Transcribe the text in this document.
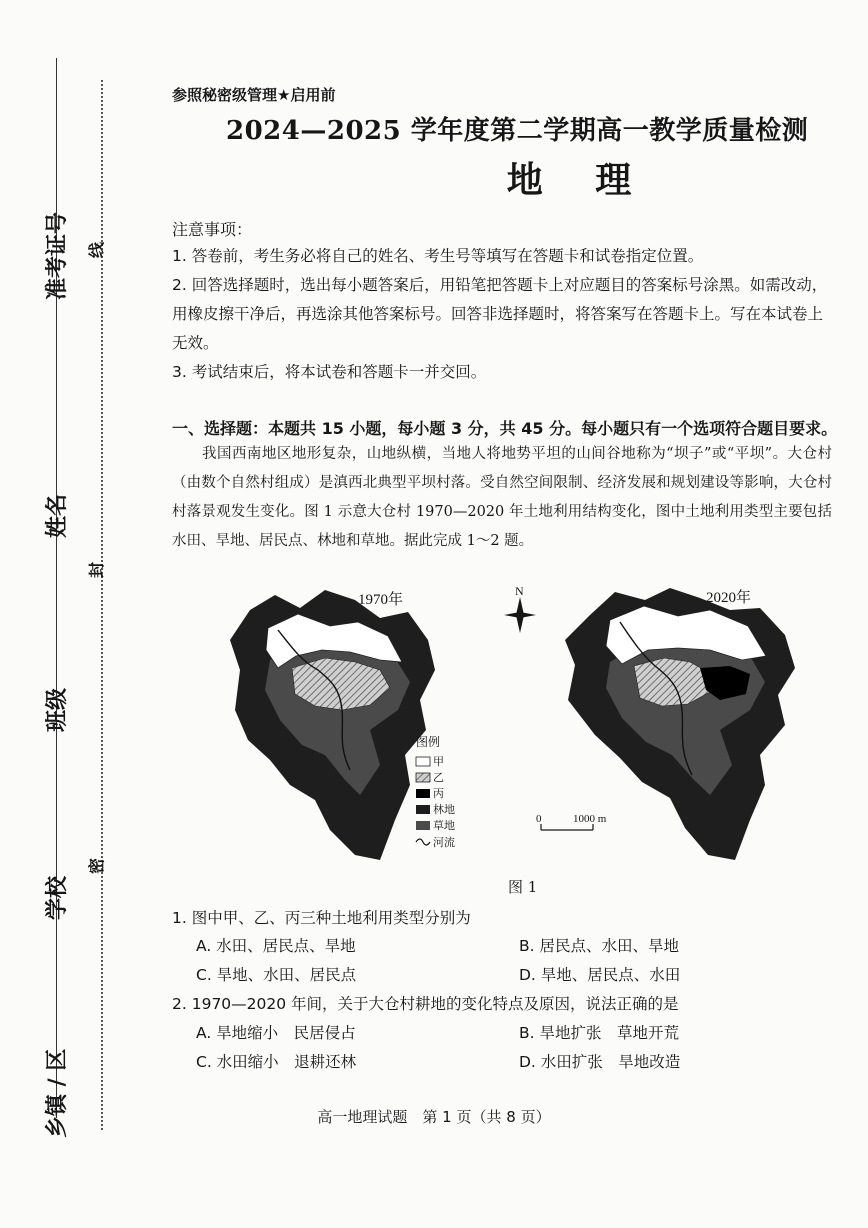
准考证号
姓名
班级
学校
乡镇 / 区
线
封
密
参照秘密级管理★启用前
2024—2025 学年度第二学期高一教学质量检测
地 理
注意事项：
1. 答卷前，考生务必将自己的姓名、考生号等填写在答题卡和试卷指定位置。
2. 回答选择题时，选出每小题答案后，用铅笔把答题卡上对应题目的答案标号涂黑。如需改动，用橡皮擦干净后，再选涂其他答案标号。回答非选择题时，将答案写在答题卡上。写在本试卷上无效。
3. 考试结束后，将本试卷和答题卡一并交回。
一、选择题：本题共 15 小题，每小题 3 分，共 45 分。每小题只有一个选项符合题目要求。
我国西南地区地形复杂，山地纵横，当地人将地势平坦的山间谷地称为“坝子”或“平坝”。大仓村（由数个自然村组成）是滇西北典型平坝村落。受自然空间限制、经济发展和规划建设等影响，大仓村村落景观发生变化。图 1 示意大仓村 1970—2020 年土地利用结构变化，图中土地利用类型主要包括水田、旱地、居民点、林地和草地。据此完成 1～2 题。
1970年	2020年
N
图例
甲
乙
丙
林地
草地
河流
0	1000 m
图 1
1. 图中甲、乙、丙三种土地利用类型分别为
A. 水田、居民点、旱地	B. 居民点、水田、旱地
C. 旱地、水田、居民点	D. 旱地、居民点、水田
2. 1970—2020 年间，关于大仓村耕地的变化特点及原因，说法正确的是
A. 旱地缩小　民居侵占	B. 旱地扩张　草地开荒
C. 水田缩小　退耕还林	D. 水田扩张　旱地改造
高一地理试题　第 1 页（共 8 页）
